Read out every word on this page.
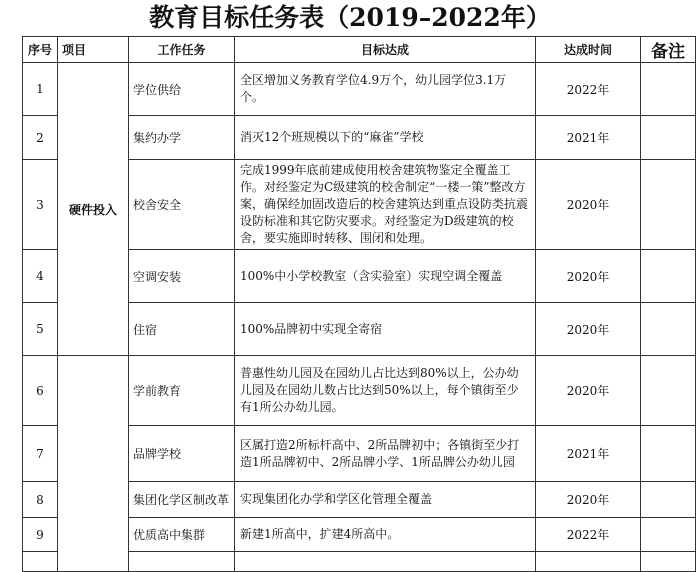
教育目标任务表（2019–2022年）
序号	项目	工作任务	目标达成	达成时间	备注
1	硬件投入	学位供给	全区增加义务教育学位4.9万个，幼儿园学位3.1万个。	2022年	
2		集约办学	消灭12个班规模以下的“麻雀”学校	2021年	
3		校舍安全	完成1999年底前建成使用校舍建筑物鉴定全覆盖工作。对经鉴定为C级建筑的校舍制定“一楼一策”整改方案，确保经加固改造后的校舍建筑达到重点设防类抗震设防标准和其它防灾要求。对经鉴定为D级建筑的校舍，要实施即时转移、围闭和处理。	2020年	
4		空调安装	100%中小学校教室（含实验室）实现空调全覆盖	2020年	
5		住宿	100%品牌初中实现全寄宿	2020年	
6		学前教育	普惠性幼儿园及在园幼儿占比达到80%以上，公办幼儿园及在园幼儿数占比达到50%以上，每个镇街至少有1所公办幼儿园。	2020年	
7		品牌学校	区属打造2所标杆高中、2所品牌初中；各镇街至少打造1所品牌初中、2所品牌小学、1所品牌公办幼儿园	2021年	
8		集团化学区制改革	实现集团化办学和学区化管理全覆盖	2020年	
9		优质高中集群	新建1所高中，扩建4所高中。	2022年	
